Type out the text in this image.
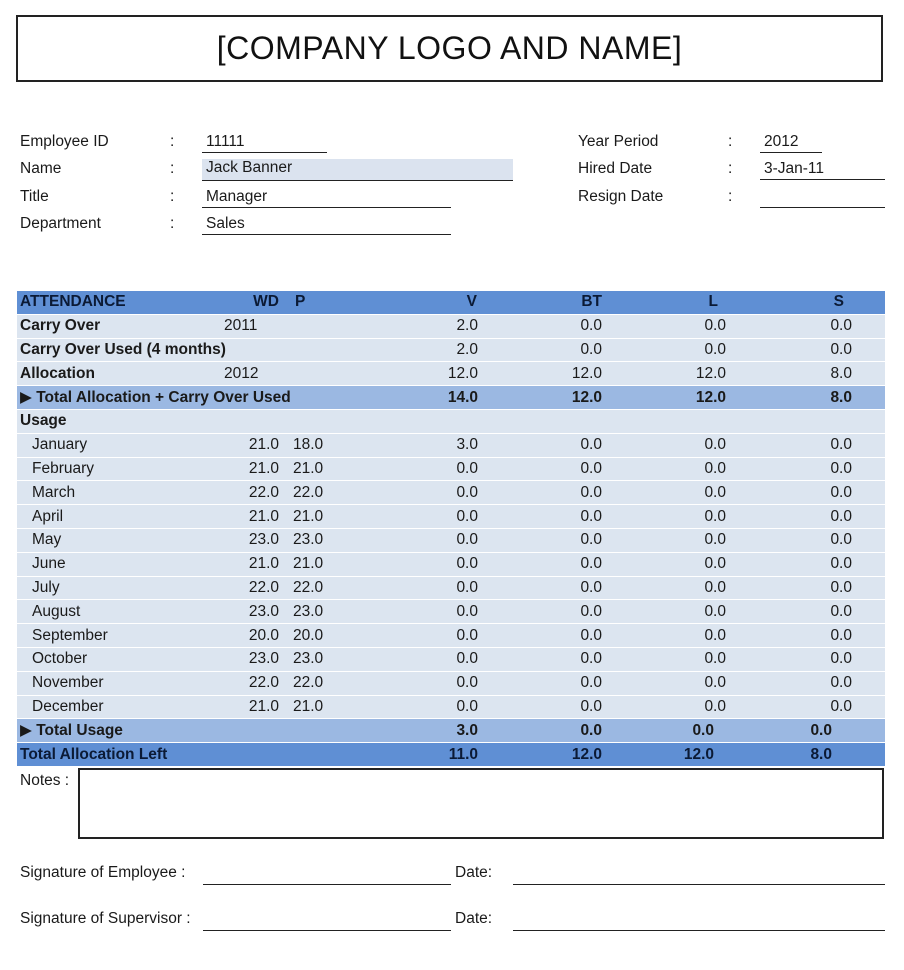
[COMPANY LOGO AND NAME]
Employee ID	: 11111
Name	: Jack Banner
Title	: Manager
Department	: Sales
Year Period	: 2012
Hired Date	: 3-Jan-11
Resign Date	:
ATTENDANCE	WD	P	V	BT	L	S	
Carry Over	2011		2.0	0.0	0.0	0.0	
Carry Over Used (4 months)			2.0	0.0	0.0	0.0	
Allocation	2012		12.0	12.0	12.0	8.0	
▶ Total Allocation + Carry Over Used			14.0	12.0	12.0	8.0	
Usage							
January	21.0	18.0	3.0	0.0	0.0	0.0	
February	21.0	21.0	0.0	0.0	0.0	0.0	
March	22.0	22.0	0.0	0.0	0.0	0.0	
April	21.0	21.0	0.0	0.0	0.0	0.0	
May	23.0	23.0	0.0	0.0	0.0	0.0	
June	21.0	21.0	0.0	0.0	0.0	0.0	
July	22.0	22.0	0.0	0.0	0.0	0.0	
August	23.0	23.0	0.0	0.0	0.0	0.0	
September	20.0	20.0	0.0	0.0	0.0	0.0	
October	23.0	23.0	0.0	0.0	0.0	0.0	
November	22.0	22.0	0.0	0.0	0.0	0.0	
December	21.0	21.0	0.0	0.0	0.0	0.0	
▶ Total Usage			3.0	0.0	0.0	0.0	
Total Allocation Left			11.0	12.0	12.0	8.0	
Notes :
Signature of Employee :	Date:
Signature of Supervisor :	Date:
